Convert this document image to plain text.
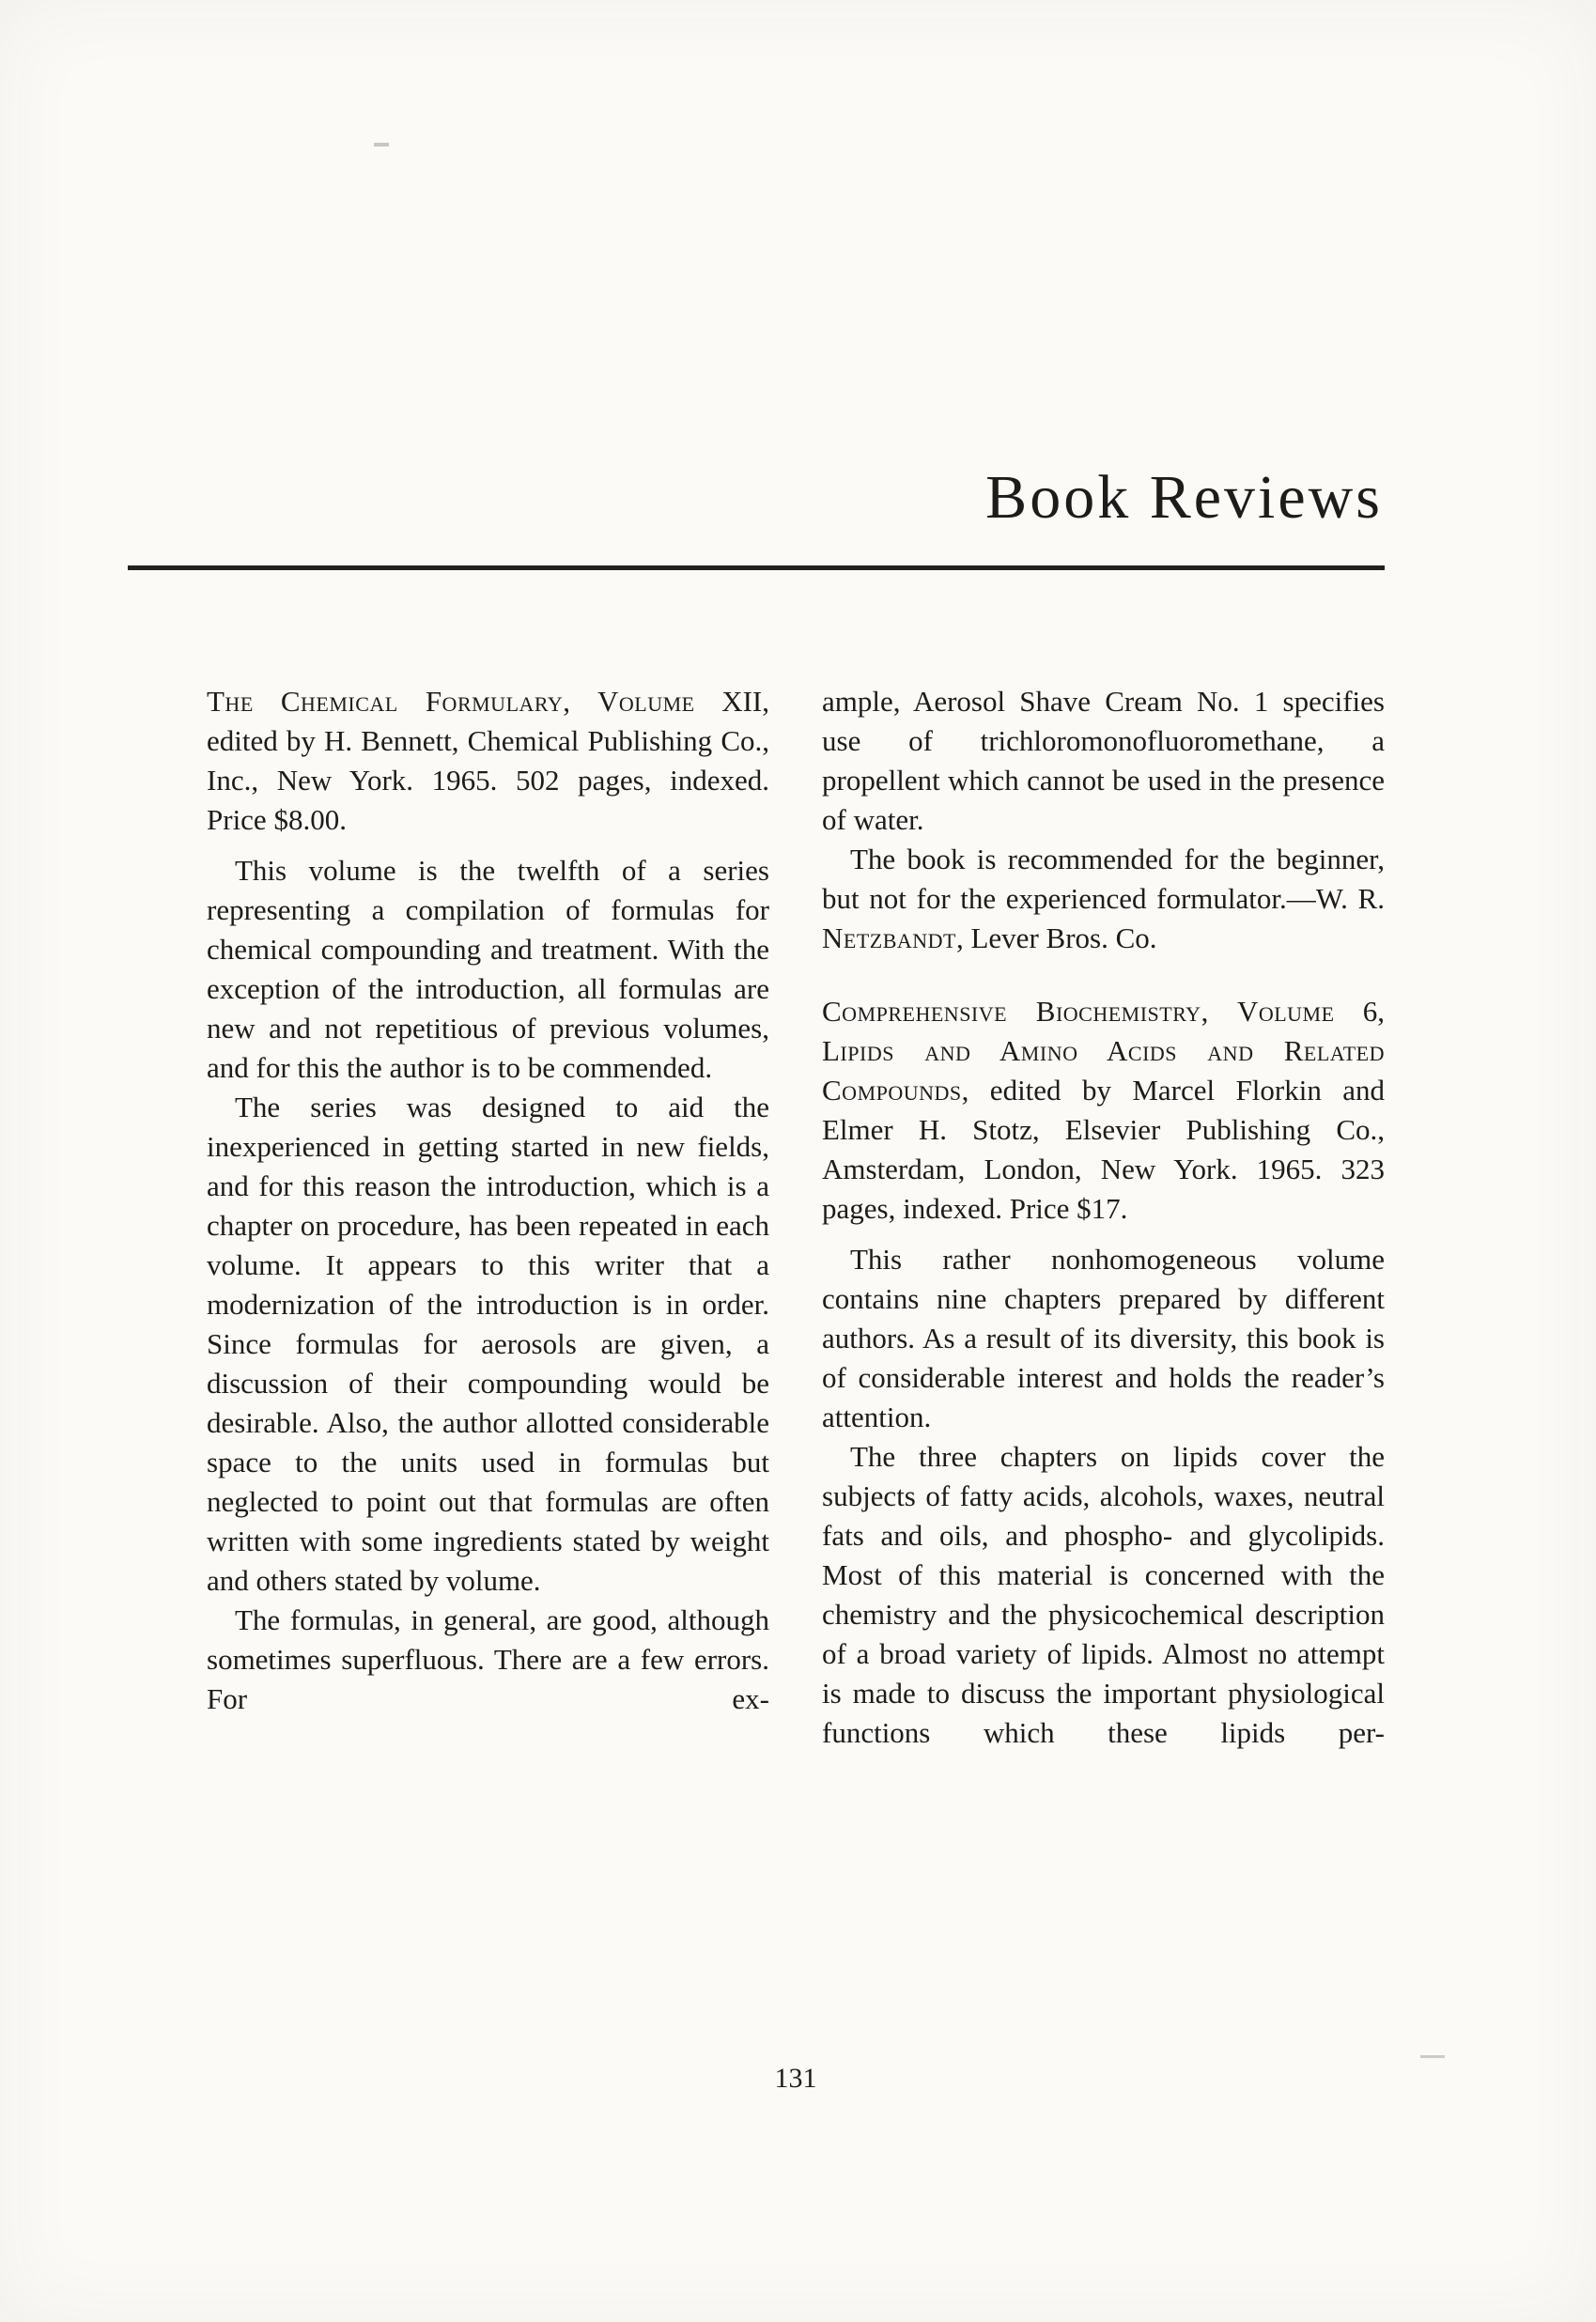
Book Reviews

The Chemical Formulary, Volume XII, edited by H. Bennett, Chemical Publishing Co., Inc., New York. 1965. 502 pages, indexed. Price $8.00.

This volume is the twelfth of a series representing a compilation of formulas for chemical compounding and treatment. With the exception of the introduction, all formulas are new and not repetitious of previous volumes, and for this the author is to be commended.

The series was designed to aid the inexperienced in getting started in new fields, and for this reason the introduction, which is a chapter on procedure, has been repeated in each volume. It appears to this writer that a modernization of the introduction is in order. Since formulas for aerosols are given, a discussion of their compounding would be desirable. Also, the author allotted considerable space to the units used in formulas but neglected to point out that formulas are often written with some ingredients stated by weight and others stated by volume.

The formulas, in general, are good, although sometimes superfluous. There are a few errors. For ex-

ample, Aerosol Shave Cream No. 1 specifies use of trichloromonofluoromethane, a propellent which cannot be used in the presence of water.

The book is recommended for the beginner, but not for the experienced formulator.—W. R. Netzbandt, Lever Bros. Co.

Comprehensive Biochemistry, Volume 6, Lipids and Amino Acids and Related Compounds, edited by Marcel Florkin and Elmer H. Stotz, Elsevier Publishing Co., Amsterdam, London, New York. 1965. 323 pages, indexed. Price $17.

This rather nonhomogeneous volume contains nine chapters prepared by different authors. As a result of its diversity, this book is of considerable interest and holds the reader’s attention.

The three chapters on lipids cover the subjects of fatty acids, alcohols, waxes, neutral fats and oils, and phospho- and glycolipids. Most of this material is concerned with the chemistry and the physicochemical description of a broad variety of lipids. Almost no attempt is made to discuss the important physiological functions which these lipids per-

131
